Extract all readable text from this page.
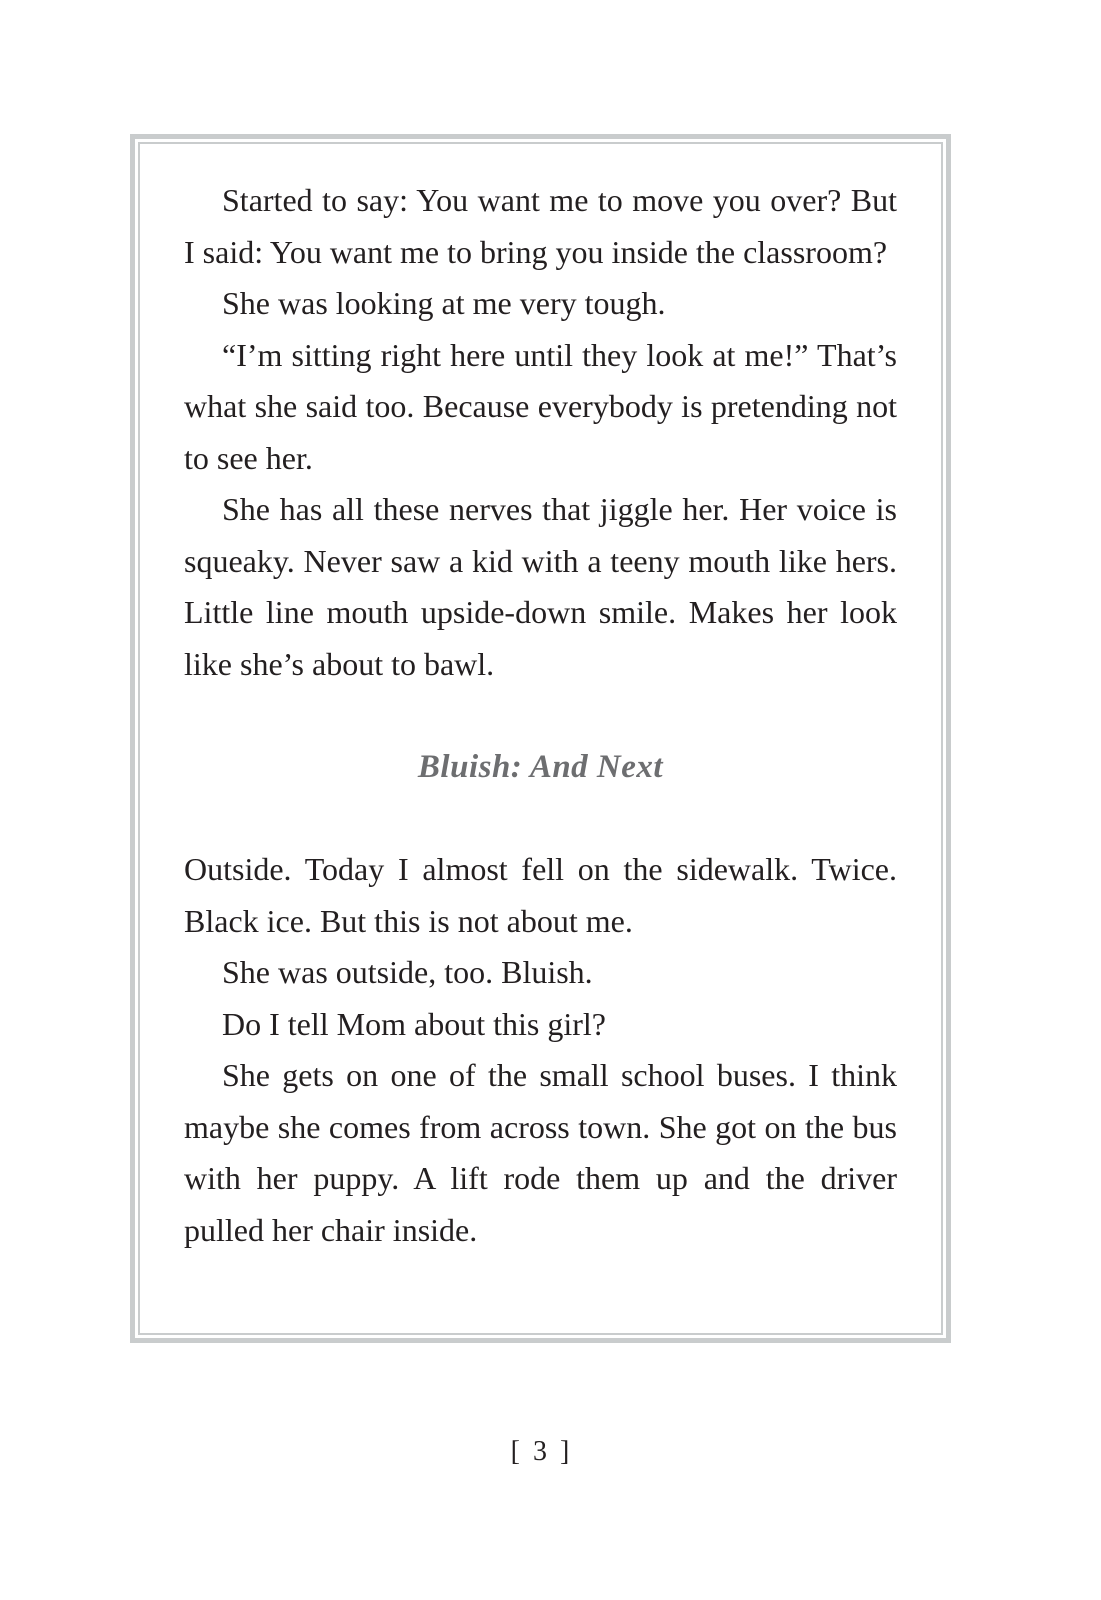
Started to say: You want me to move you over? But I said: You want me to bring you inside the classroom?

She was looking at me very tough.

“I’m sitting right here until they look at me!” That’s what she said too. Because everybody is pretending not to see her.

She has all these nerves that jiggle her. Her voice is squeaky. Never saw a kid with a teeny mouth like hers. Little line mouth upside-down smile. Makes her look like she’s about to bawl.

Bluish: And Next

Outside. Today I almost fell on the sidewalk. Twice. Black ice. But this is not about me.

She was outside, too. Bluish.

Do I tell Mom about this girl?

She gets on one of the small school buses. I think maybe she comes from across town. She got on the bus with her puppy. A lift rode them up and the driver pulled her chair inside.

[ 3 ]
